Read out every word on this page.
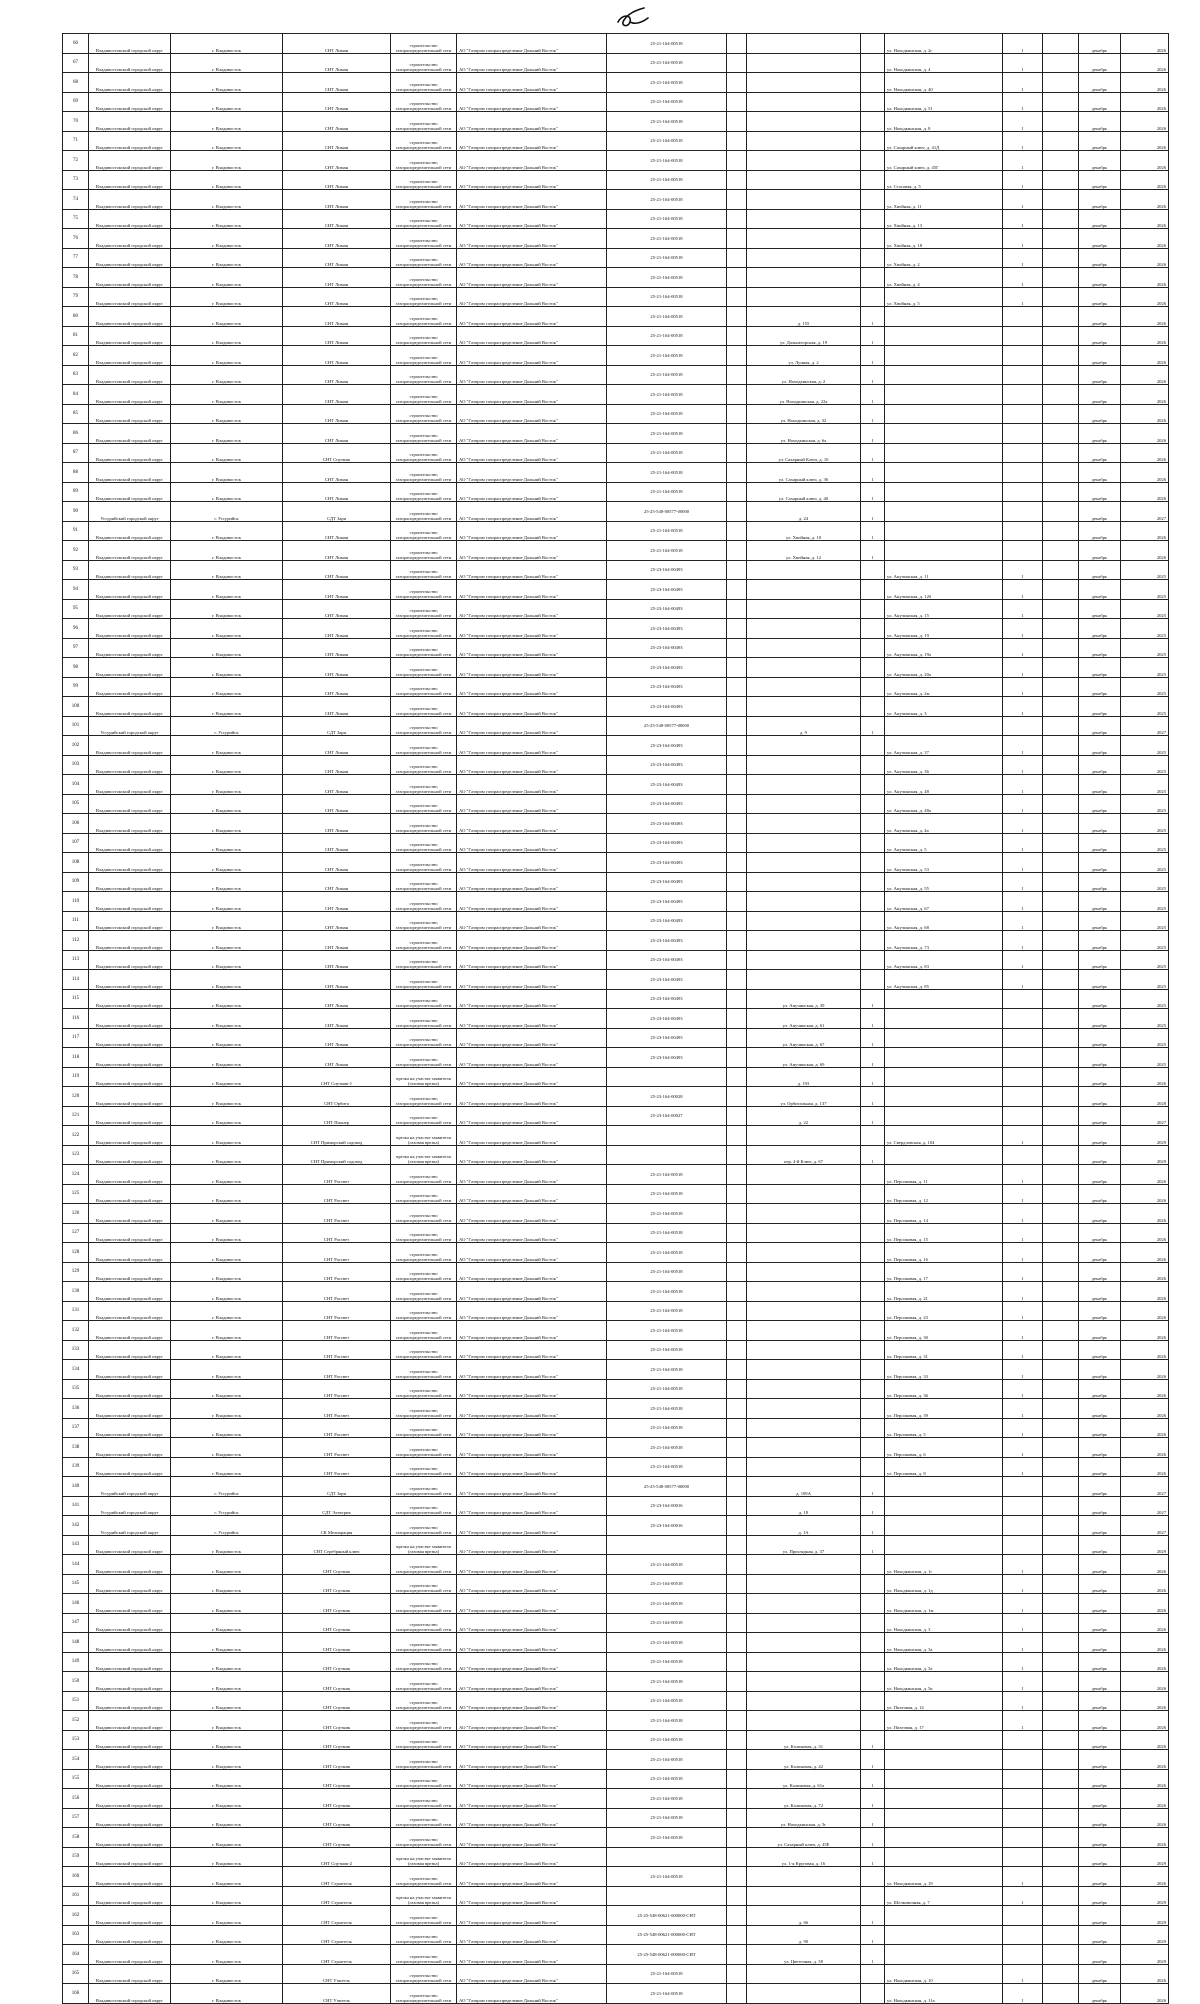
66	Владивостокский городской округ	г. Владивосток	СНТ Лиман	строительство газораспределительной сети	АО "Газпром газораспределение Дальний Восток"	25-21-164-00518				ул. Находкинская, д. 2г	1		декабрь	2026
67	Владивостокский городской округ	г. Владивосток	СНТ Лиман	строительство газораспределительной сети	АО "Газпром газораспределение Дальний Восток"	25-21-164-00518				ул. Находкинская, д. 4	1		декабрь	2026
68	Владивостокский городской округ	г. Владивосток	СНТ Лиман	строительство газораспределительной сети	АО "Газпром газораспределение Дальний Восток"	25-21-164-00518				ул. Находкинская, д. 40	1		декабрь	2026
69	Владивостокский городской округ	г. Владивосток	СНТ Лиман	строительство газораспределительной сети	АО "Газпром газораспределение Дальний Восток"	25-21-164-00518				ул. Находкинская, д. 51	1		декабрь	2026
70	Владивостокский городской округ	г. Владивосток	СНТ Лиман	строительство газораспределительной сети	АО "Газпром газораспределение Дальний Восток"	25-21-164-00518				ул. Находкинская, д. 8	1		декабрь	2026
71	Владивостокский городской округ	г. Владивосток	СНТ Лиман	строительство газораспределительной сети	АО "Газпром газораспределение Дальний Восток"	25-21-164-00518				ул. Сахарный ключ, д. 41Д	1		декабрь	2026
72	Владивостокский городской округ	г. Владивосток	СНТ Лиман	строительство газораспределительной сети	АО "Газпром газораспределение Дальний Восток"	25-21-164-00518				ул. Сахарный ключ, д. 45Г	1		декабрь	2026
73	Владивостокский городской округ	г. Владивосток	СНТ Лиман	строительство газораспределительной сети	АО "Газпром газораспределение Дальний Восток"	25-21-164-00518				ул. Стасовая, д. 5	1		декабрь	2026
74	Владивостокский городской округ	г. Владивосток	СНТ Лиман	строительство газораспределительной сети	АО "Газпром газораспределение Дальний Восток"	25-21-164-00518				ул. Хвойная, д. 11	1		декабрь	2026
75	Владивостокский городской округ	г. Владивосток	СНТ Лиман	строительство газораспределительной сети	АО "Газпром газораспределение Дальний Восток"	25-21-164-00518				ул. Хвойная, д. 13	1		декабрь	2026
76	Владивостокский городской округ	г. Владивосток	СНТ Лиман	строительство газораспределительной сети	АО "Газпром газораспределение Дальний Восток"	25-21-164-00518				ул. Хвойная, д. 18	1		декабрь	2026
77	Владивостокский городской округ	г. Владивосток	СНТ Лиман	строительство газораспределительной сети	АО "Газпром газораспределение Дальний Восток"	25-21-164-00518				ул. Хвойная, д. 2	1		декабрь	2026
78	Владивостокский городской округ	г. Владивосток	СНТ Лиман	строительство газораспределительной сети	АО "Газпром газораспределение Дальний Восток"	25-21-164-00518				ул. Хвойная, д. 4	1		декабрь	2026
79	Владивостокский городской округ	г. Владивосток	СНТ Лиман	строительство газораспределительной сети	АО "Газпром газораспределение Дальний Восток"	25-21-164-00518				ул. Хвойная, д. 5	1		декабрь	2026
80	Владивостокский городской округ	г. Владивосток	СНТ Лиман	строительство газораспределительной сети	АО "Газпром газораспределение Дальний Восток"	25-21-164-00518		д. 155	1				декабрь	2026
81	Владивостокский городской округ	г. Владивосток	СНТ Лиман	строительство газораспределительной сети	АО "Газпром газораспределение Дальний Восток"	25-21-164-00518		ул. Дальнегорская, д. 19	1				декабрь	2026
82	Владивостокский городской округ	г. Владивосток	СНТ Лиман	строительство газораспределительной сети	АО "Газпром газораспределение Дальний Восток"	25-21-164-00518		ул. Лунная, д. 2	1				декабрь	2026
83	Владивостокский городской округ	г. Владивосток	СНТ Лиман	строительство газораспределительной сети	АО "Газпром газораспределение Дальний Восток"	25-21-164-00518		ул. Находкинская, д. 2	1				декабрь	2026
84	Владивостокский городской округ	г. Владивосток	СНТ Лиман	строительство газораспределительной сети	АО "Газпром газораспределение Дальний Восток"	25-21-164-00518		ул. Находкинская, д. 22а	1				декабрь	2026
85	Владивостокский городской округ	г. Владивосток	СНТ Лиман	строительство газораспределительной сети	АО "Газпром газораспределение Дальний Восток"	25-21-164-00518		ул. Находкинская, д. 32	1				декабрь	2026
86	Владивостокский городской округ	г. Владивосток	СНТ Лиман	строительство газораспределительной сети	АО "Газпром газораспределение Дальний Восток"	25-21-164-00518		ул. Находкинская, д. 6а	1				декабрь	2026
87	Владивостокский городской округ	г. Владивосток	СНТ Спутник	строительство газораспределительной сети	АО "Газпром газораспределение Дальний Восток"	25-21-164-00518		ул. Сахарный Ключ, д. 10	1				декабрь	2026
88	Владивостокский городской округ	г. Владивосток	СНТ Лиман	строительство газораспределительной сети	АО "Газпром газораспределение Дальний Восток"	25-21-164-00518		ул. Сахарный ключ, д. 36	1				декабрь	2026
89	Владивостокский городской округ	г. Владивосток	СНТ Лиман	строительство газораспределительной сети	АО "Газпром газораспределение Дальний Восток"	25-21-164-00518		ул. Сахарный ключ, д. 40	1				декабрь	2026
90	Уссурийский городской округ	г. Уссурийск	СДТ Заря	строительство газораспределительной сети	АО "Газпром газораспределение Дальний Восток"	25-25-548-00577-00000		д. 24	1				декабрь	2027
91	Владивостокский городской округ	г. Владивосток	СНТ Лиман	строительство газораспределительной сети	АО "Газпром газораспределение Дальний Восток"	25-21-164-00518		ул. Хвойная, д. 10	1				декабрь	2026
92	Владивостокский городской округ	г. Владивосток	СНТ Лиман	строительство газораспределительной сети	АО "Газпром газораспределение Дальний Восток"	25-21-164-00518		ул. Хвойная, д. 12	1				декабрь	2026
93	Владивостокский городской округ	г. Владивосток	СНТ Лиман	строительство газораспределительной сети	АО "Газпром газораспределение Дальний Восток"	25-23-164-00493				ул. Анучинская, д. 11	1		декабрь	2025
94	Владивостокский городской округ	г. Владивосток	СНТ Лиман	строительство газораспределительной сети	АО "Газпром газораспределение Дальний Восток"	25-23-164-00493				ул. Анучинская, д. 12б	1		декабрь	2025
95	Владивостокский городской округ	г. Владивосток	СНТ Лиман	строительство газораспределительной сети	АО "Газпром газораспределение Дальний Восток"	25-23-164-00493				ул. Анучинская, д. 15	1		декабрь	2025
96	Владивостокский городской округ	г. Владивосток	СНТ Лиман	строительство газораспределительной сети	АО "Газпром газораспределение Дальний Восток"	25-23-164-00493				ул. Анучинская, д. 19	1		декабрь	2025
97	Владивостокский городской округ	г. Владивосток	СНТ Лиман	строительство газораспределительной сети	АО "Газпром газораспределение Дальний Восток"	25-23-164-00493				ул. Анучинская, д. 19а	1		декабрь	2025
98	Владивостокский городской округ	г. Владивосток	СНТ Лиман	строительство газораспределительной сети	АО "Газпром газораспределение Дальний Восток"	25-23-164-00493				ул. Анучинская, д. 20а	1		декабрь	2025
99	Владивостокский городской округ	г. Владивосток	СНТ Лиман	строительство газораспределительной сети	АО "Газпром газораспределение Дальний Восток"	25-23-164-00493				ул. Анучинская, д. 2м	1		декабрь	2025
100	Владивостокский городской округ	г. Владивосток	СНТ Лиман	строительство газораспределительной сети	АО "Газпром газораспределение Дальний Восток"	25-23-164-00493				ул. Анучинская, д. 3	1		декабрь	2025
101	Уссурийский городской округ	г. Уссурийск	СДТ Заря	строительство газораспределительной сети	АО "Газпром газораспределение Дальний Восток"	25-25-548-00577-00000		д. 9	1				декабрь	2027
102	Владивостокский городской округ	г. Владивосток	СНТ Лиман	строительство газораспределительной сети	АО "Газпром газораспределение Дальний Восток"	25-23-164-00493				ул. Анучинская, д. 37	1		декабрь	2025
103	Владивостокский городской округ	г. Владивосток	СНТ Лиман	строительство газораспределительной сети	АО "Газпром газораспределение Дальний Восток"	25-23-164-00493				ул. Анучинская, д. 36	1		декабрь	2025
104	Владивостокский городской округ	г. Владивосток	СНТ Лиман	строительство газораспределительной сети	АО "Газпром газораспределение Дальний Восток"	25-23-164-00493				ул. Анучинская, д. 48	1		декабрь	2025
105	Владивостокский городской округ	г. Владивосток	СНТ Лиман	строительство газораспределительной сети	АО "Газпром газораспределение Дальний Восток"	25-23-164-00493				ул. Анучинская, д. 48а	1		декабрь	2025
106	Владивостокский городской округ	г. Владивосток	СНТ Лиман	строительство газораспределительной сети	АО "Газпром газораспределение Дальний Восток"	25-23-164-00493				ул. Анучинская, д. 4а	1		декабрь	2025
107	Владивостокский городской округ	г. Владивосток	СНТ Лиман	строительство газораспределительной сети	АО "Газпром газораспределение Дальний Восток"	25-23-164-00493				ул. Анучинская, д. 5	1		декабрь	2025
108	Владивостокский городской округ	г. Владивосток	СНТ Лиман	строительство газораспределительной сети	АО "Газпром газораспределение Дальний Восток"	25-23-164-00493				ул. Анучинская, д. 53	1		декабрь	2025
109	Владивостокский городской округ	г. Владивосток	СНТ Лиман	строительство газораспределительной сети	АО "Газпром газораспределение Дальний Восток"	25-23-164-00493				ул. Анучинская, д. 55	1		декабрь	2025
110	Владивостокский городской округ	г. Владивосток	СНТ Лиман	строительство газораспределительной сети	АО "Газпром газораспределение Дальний Восток"	25-23-164-00493				ул. Анучинская, д. 67	1		декабрь	2025
111	Владивостокский городской округ	г. Владивосток	СНТ Лиман	строительство газораспределительной сети	АО "Газпром газораспределение Дальний Восток"	25-23-164-00493				ул. Анучинская, д. 68	1		декабрь	2025
112	Владивостокский городской округ	г. Владивосток	СНТ Лиман	строительство газораспределительной сети	АО "Газпром газораспределение Дальний Восток"	25-23-164-00493				ул. Анучинская, д. 73	1		декабрь	2025
113	Владивостокский городской округ	г. Владивосток	СНТ Лиман	строительство газораспределительной сети	АО "Газпром газораспределение Дальний Восток"	25-23-164-00493				ул. Анучинская, д. 83	1		декабрь	2025
114	Владивостокский городской округ	г. Владивосток	СНТ Лиман	строительство газораспределительной сети	АО "Газпром газораспределение Дальний Восток"	25-23-164-00493				ул. Анучинская, д. 85	1		декабрь	2025
115	Владивостокский городской округ	г. Владивосток	СНТ Лиман	строительство газораспределительной сети	АО "Газпром газораспределение Дальний Восток"	25-23-164-00493		ул. Анучинская, д. 39	1				декабрь	2025
116	Владивостокский городской округ	г. Владивосток	СНТ Лиман	строительство газораспределительной сети	АО "Газпром газораспределение Дальний Восток"	25-23-164-00493		ул. Анучинская, д. 61	1				декабрь	2025
117	Владивостокский городской округ	г. Владивосток	СНТ Лиман	строительство газораспределительной сети	АО "Газпром газораспределение Дальний Восток"	25-23-164-00493		ул. Анучинская, д. 67	1				декабрь	2025
118	Владивостокский городской округ	г. Владивосток	СНТ Лиман	строительство газораспределительной сети	АО "Газпром газораспределение Дальний Восток"	25-23-164-00493		ул. Анучинская, д. 69	1				декабрь	2025
119	Владивостокский городской округ	г. Владивосток	СНТ Спутник-1	врезка на участке заявителя (газовая врезка)	АО "Газпром газораспределение Дальний Восток"			д. 193	1				декабрь	2026
120	Владивостокский городской округ	г. Владивосток	СНТ Орбита	строительство газораспределительной сети	АО "Газпром газораспределение Дальний Восток"	25-23-164-00028		ул. Орбитальная, д. 137	1				декабрь	2028
121	Владивостокский городской округ	г. Владивосток	СНТ Пионер	строительство газораспределительной сети	АО "Газпром газораспределение Дальний Восток"	25-23-164-00027		д. 22	1				декабрь	2027
122	Владивостокский городской округ	г. Владивосток	СНТ Приморский садовод	врезка на участке заявителя (газовая врезка)	АО "Газпром газораспределение Дальний Восток"					ул. Свердловская, д. 104	1		декабрь	2029
123	Владивостокский городской округ	г. Владивосток	СНТ Приморский садовод	врезка на участке заявителя (газовая врезка)	АО "Газпром газораспределение Дальний Восток"			пер. 4-й Ключ, д. 67	1				декабрь	2029
124	Владивостокский городской округ	г. Владивосток	СНТ Рассвет	строительство газораспределительной сети	АО "Газпром газораспределение Дальний Восток"	25-21-164-00518				ул. Персиковая, д. 11	1		декабрь	2026
125	Владивостокский городской округ	г. Владивосток	СНТ Рассвет	строительство газораспределительной сети	АО "Газпром газораспределение Дальний Восток"	25-21-164-00518				ул. Персиковая, д. 12	1		декабрь	2026
126	Владивостокский городской округ	г. Владивосток	СНТ Рассвет	строительство газораспределительной сети	АО "Газпром газораспределение Дальний Восток"	25-21-164-00518				ул. Персиковая, д. 14	1		декабрь	2026
127	Владивостокский городской округ	г. Владивосток	СНТ Рассвет	строительство газораспределительной сети	АО "Газпром газораспределение Дальний Восток"	25-21-164-00518				ул. Персиковая, д. 15	1		декабрь	2026
128	Владивостокский городской округ	г. Владивосток	СНТ Рассвет	строительство газораспределительной сети	АО "Газпром газораспределение Дальний Восток"	25-21-164-00518				ул. Персиковая, д. 16	1		декабрь	2026
129	Владивостокский городской округ	г. Владивосток	СНТ Рассвет	строительство газораспределительной сети	АО "Газпром газораспределение Дальний Восток"	25-21-164-00518				ул. Персиковая, д. 17	1		декабрь	2026
130	Владивостокский городской округ	г. Владивосток	СНТ Рассвет	строительство газораспределительной сети	АО "Газпром газораспределение Дальний Восток"	25-21-164-00518				ул. Персиковая, д. 21	1		декабрь	2026
131	Владивостокский городской округ	г. Владивосток	СНТ Рассвет	строительство газораспределительной сети	АО "Газпром газораспределение Дальний Восток"	25-21-164-00518				ул. Персиковая, д. 23	1		декабрь	2026
132	Владивостокский городской округ	г. Владивосток	СНТ Рассвет	строительство газораспределительной сети	АО "Газпром газораспределение Дальний Восток"	25-21-164-00518				ул. Персиковая, д. 30	1		декабрь	2026
133	Владивостокский городской округ	г. Владивосток	СНТ Рассвет	строительство газораспределительной сети	АО "Газпром газораспределение Дальний Восток"	25-21-164-00518				ул. Персиковая, д. 31	1		декабрь	2026
134	Владивостокский городской округ	г. Владивосток	СНТ Рассвет	строительство газораспределительной сети	АО "Газпром газораспределение Дальний Восток"	25-21-164-00518				ул. Персиковая, д. 33	1		декабрь	2026
135	Владивостокский городской округ	г. Владивосток	СНТ Рассвет	строительство газораспределительной сети	АО "Газпром газораспределение Дальний Восток"	25-21-164-00518				ул. Персиковая, д. 36	1		декабрь	2026
136	Владивостокский городской округ	г. Владивосток	СНТ Рассвет	строительство газораспределительной сети	АО "Газпром газораспределение Дальний Восток"	25-21-164-00518				ул. Персиковая, д. 39	1		декабрь	2026
137	Владивостокский городской округ	г. Владивосток	СНТ Рассвет	строительство газораспределительной сети	АО "Газпром газораспределение Дальний Восток"	25-21-164-00518				ул. Персиковая, д. 5	1		декабрь	2026
138	Владивостокский городской округ	г. Владивосток	СНТ Рассвет	строительство газораспределительной сети	АО "Газпром газораспределение Дальний Восток"	25-21-164-00518				ул. Персиковая, д. 6	1		декабрь	2026
139	Владивостокский городской округ	г. Владивосток	СНТ Рассвет	строительство газораспределительной сети	АО "Газпром газораспределение Дальний Восток"	25-21-164-00518				ул. Персиковая, д. 8	1		декабрь	2026
140	Уссурийский городской округ	г. Уссурийск	СДТ Заря	строительство газораспределительной сети	АО "Газпром газораспределение Дальний Восток"	25-25-548-00577-00000		д. 109А	1				декабрь	2027
141	Уссурийский городской округ	г. Уссурийск	СДТ Электрик	строительство газораспределительной сети	АО "Газпром газораспределение Дальний Восток"	25-23-164-00016		д. 18	1				декабрь	2027
142	Уссурийский городской округ	г. Уссурийск	СК Мелиорация	строительство газораспределительной сети	АО "Газпром газораспределение Дальний Восток"	25-23-164-00016		д. 1А	1				декабрь	2027
143	Владивостокский городской округ	г. Владивосток	СНТ Серебряный ключ	врезка на участке заявителя (газовая врезка)	АО "Газпром газораспределение Дальний Восток"			ул. Приглядная, д. 37	1				декабрь	2029
144	Владивостокский городской округ	г. Владивосток	СНТ Спутник	строительство газораспределительной сети	АО "Газпром газораспределение Дальний Восток"	25-21-164-00518				ул. Находкинская, д. 1г	1		декабрь	2026
145	Владивостокский городской округ	г. Владивосток	СНТ Спутник	строительство газораспределительной сети	АО "Газпром газораспределение Дальний Восток"	25-21-164-00518				ул. Находкинская, д. 1д	1		декабрь	2026
146	Владивостокский городской округ	г. Владивосток	СНТ Спутник	строительство газораспределительной сети	АО "Газпром газораспределение Дальний Восток"	25-21-164-00518				ул. Находкинская, д. 1ж	1		декабрь	2026
147	Владивостокский городской округ	г. Владивосток	СНТ Спутник	строительство газораспределительной сети	АО "Газпром газораспределение Дальний Восток"	25-21-164-00518				ул. Находкинская, д. 3	1		декабрь	2026
148	Владивостокский городской округ	г. Владивосток	СНТ Спутник	строительство газораспределительной сети	АО "Газпром газораспределение Дальний Восток"	25-21-164-00518				ул. Находкинская, д. 3а	1		декабрь	2026
149	Владивостокский городской округ	г. Владивосток	СНТ Спутник	строительство газораспределительной сети	АО "Газпром газораспределение Дальний Восток"	25-21-164-00518				ул. Находкинская, д. 5а	1		декабрь	2026
150	Владивостокский городской округ	г. Владивосток	СНТ Спутник	строительство газораспределительной сети	АО "Газпром газораспределение Дальний Восток"	25-21-164-00518				ул. Находкинская, д. 5к	1		декабрь	2026
151	Владивостокский городской округ	г. Владивосток	СНТ Спутник	строительство газораспределительной сети	АО "Газпром газораспределение Дальний Восток"	25-21-164-00518				ул. Пихтовая, д. 14	1		декабрь	2026
152	Владивостокский городской округ	г. Владивосток	СНТ Спутник	строительство газораспределительной сети	АО "Газпром газораспределение Дальний Восток"	25-21-164-00518				ул. Пихтовая, д. 17	1		декабрь	2026
153	Владивостокский городской округ	г. Владивосток	СНТ Спутник	строительство газораспределительной сети	АО "Газпром газораспределение Дальний Восток"	25-21-164-00518		ул. Калиновая, д. 31	1				декабрь	2026
154	Владивостокский городской округ	г. Владивосток	СНТ Спутник	строительство газораспределительной сети	АО "Газпром газораспределение Дальний Восток"	25-21-164-00518		ул. Калиновая, д. 42	1				декабрь	2026
155	Владивостокский городской округ	г. Владивосток	СНТ Спутник	строительство газораспределительной сети	АО "Газпром газораспределение Дальний Восток"	25-21-164-00518		ул. Калиновая, д. 61а	1				декабрь	2026
156	Владивостокский городской округ	г. Владивосток	СНТ Спутник	строительство газораспределительной сети	АО "Газпром газораспределение Дальний Восток"	25-21-164-00518		ул. Калиновая, д. 72	1				декабрь	2026
157	Владивостокский городской округ	г. Владивосток	СНТ Спутник	строительство газораспределительной сети	АО "Газпром газораспределение Дальний Восток"	25-21-164-00518		ул. Находкинская, д. 5г	1				декабрь	2026
158	Владивостокский городской округ	г. Владивосток	СНТ Спутник	строительство газораспределительной сети	АО "Газпром газораспределение Дальний Восток"	25-21-164-00518		ул. Сахарный ключ, д. 45Е	1				декабрь	2026
159	Владивостокский городской округ	г. Владивосток	СНТ Спутник-2	врезка на участке заявителя (газовая врезка)	АО "Газпром газораспределение Дальний Восток"			ул. 1-я Круговая, д. 16	1				декабрь	2029
160	Владивостокский городской округ	г. Владивосток	СНТ Строитель	строительство газораспределительной сети	АО "Газпром газораспределение Дальний Восток"	25-21-164-00518				ул. Находкинская, д. 19	1		декабрь	2026
161	Владивостокский городской округ	г. Владивосток	СНТ Строитель	врезка на участке заявителя (газовая врезка)	АО "Газпром газораспределение Дальний Восток"					ул. Шелковичная, д. 7	1		декабрь	2029
162	Владивостокский городской округ	г. Владивосток	СНТ Строитель	строительство газораспределительной сети	АО "Газпром газораспределение Дальний Восток"	25-25-548-00621-000000-СНТ		д. 66	1				декабрь	2029
163	Владивостокский городской округ	г. Владивосток	СНТ Строитель	строительство газораспределительной сети	АО "Газпром газораспределение Дальний Восток"	25-25-548-00621-000000-СНТ		д. 90	1				декабрь	2029
164	Владивостокский городской округ	г. Владивосток	СНТ Строитель	строительство газораспределительной сети	АО "Газпром газораспределение Дальний Восток"	25-25-548-00621-000000-СНТ		ул. Цветочная, д. 38	1				декабрь	2029
165	Владивостокский городской округ	г. Владивосток	СНТ Учитель	строительство газораспределительной сети	АО "Газпром газораспределение Дальний Восток"	25-21-164-00518				ул. Находкинская, д. 10	1		декабрь	2026
166	Владивостокский городской округ	г. Владивосток	СНТ Учитель	строительство газораспределительной сети	АО "Газпром газораспределение Дальний Восток"	25-21-164-00518				ул. Находкинская, д. 11а	1		декабрь	2026
